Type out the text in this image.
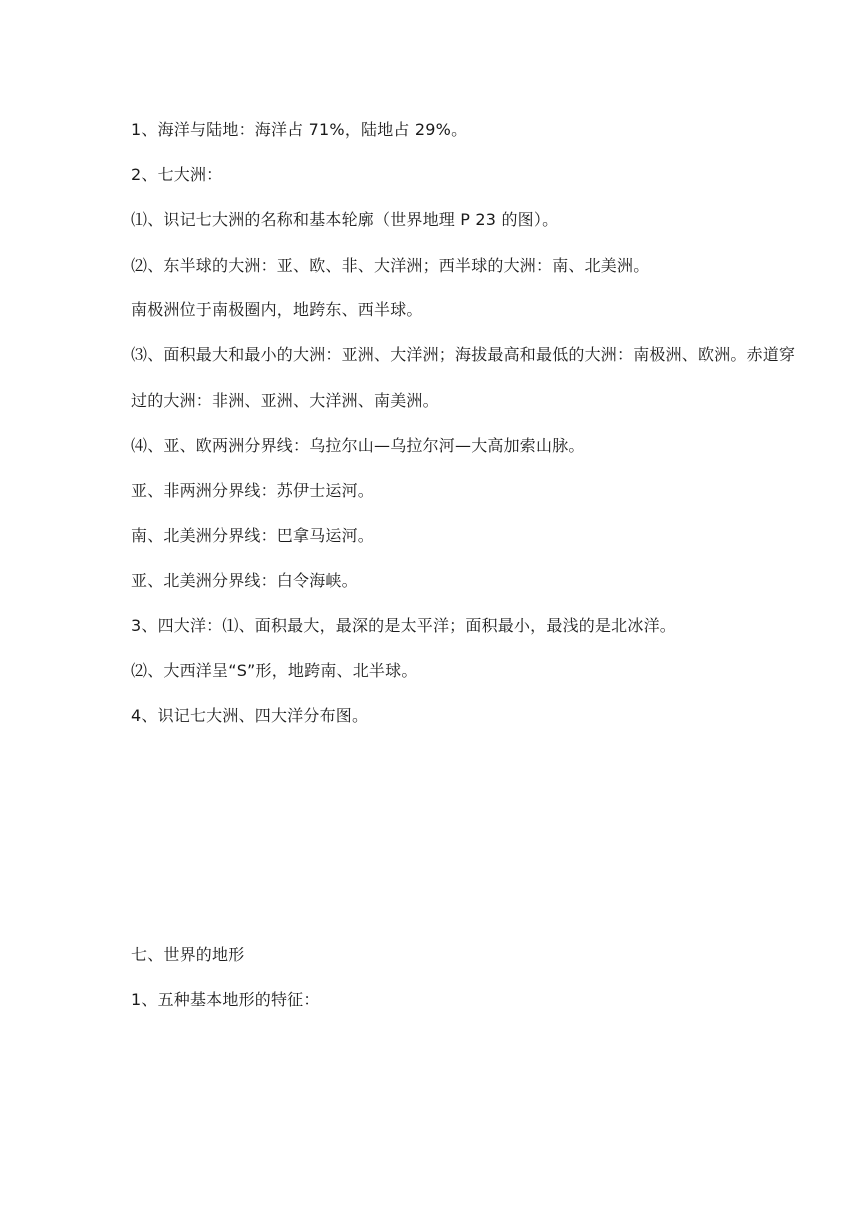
1、海洋与陆地：海洋占 71%，陆地占 29%。
2、七大洲：
⑴、识记七大洲的名称和基本轮廓（世界地理 P 23 的图）。
⑵、东半球的大洲：亚、欧、非、大洋洲；西半球的大洲：南、北美洲。
南极洲位于南极圈内，地跨东、西半球。
⑶、面积最大和最小的大洲：亚洲、大洋洲；海拔最高和最低的大洲：南极洲、欧洲。赤道穿
过的大洲：非洲、亚洲、大洋洲、南美洲。
⑷、亚、欧两洲分界线：乌拉尔山—乌拉尔河—大高加索山脉。
亚、非两洲分界线：苏伊士运河。
南、北美洲分界线：巴拿马运河。
亚、北美洲分界线：白令海峡。
3、四大洋：⑴、面积最大，最深的是太平洋；面积最小，最浅的是北冰洋。
⑵、大西洋呈“S”形，地跨南、北半球。
4、识记七大洲、四大洋分布图。
七、世界的地形
1、五种基本地形的特征：
